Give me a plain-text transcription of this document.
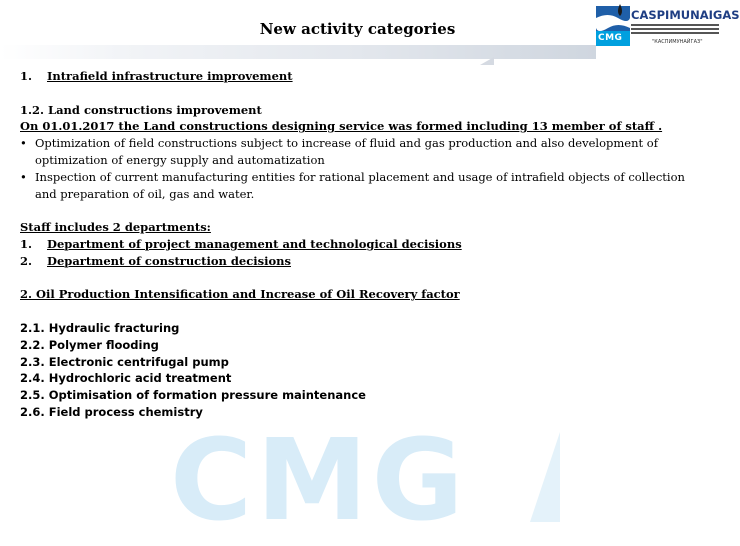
New activity categories	CMG
CASPIMUNAIGAS
"КАСПИМУНАЙГАЗ"
CMG
1.	Intrafield infrastructure improvement
1.2. Land constructions improvement
On 01.01.2017 the Land constructions designing service was formed including 13 member of staff .
• Optimization of field constructions subject to increase of fluid and gas production and also development of optimization of energy supply and automatization
• Inspection of current manufacturing entities for rational placement and usage of intrafield objects of collection and preparation of oil, gas and water.
Staff includes 2 departments:
1.	Department of project management and technological decisions
2.	Department of construction decisions
2. Oil Production Intensification and Increase of Oil Recovery factor
2.1. Hydraulic fracturing
2.2. Polymer flooding
2.3. Electronic centrifugal pump
2.4. Hydrochloric acid treatment
2.5. Optimisation of formation pressure maintenance
2.6. Field process chemistry
